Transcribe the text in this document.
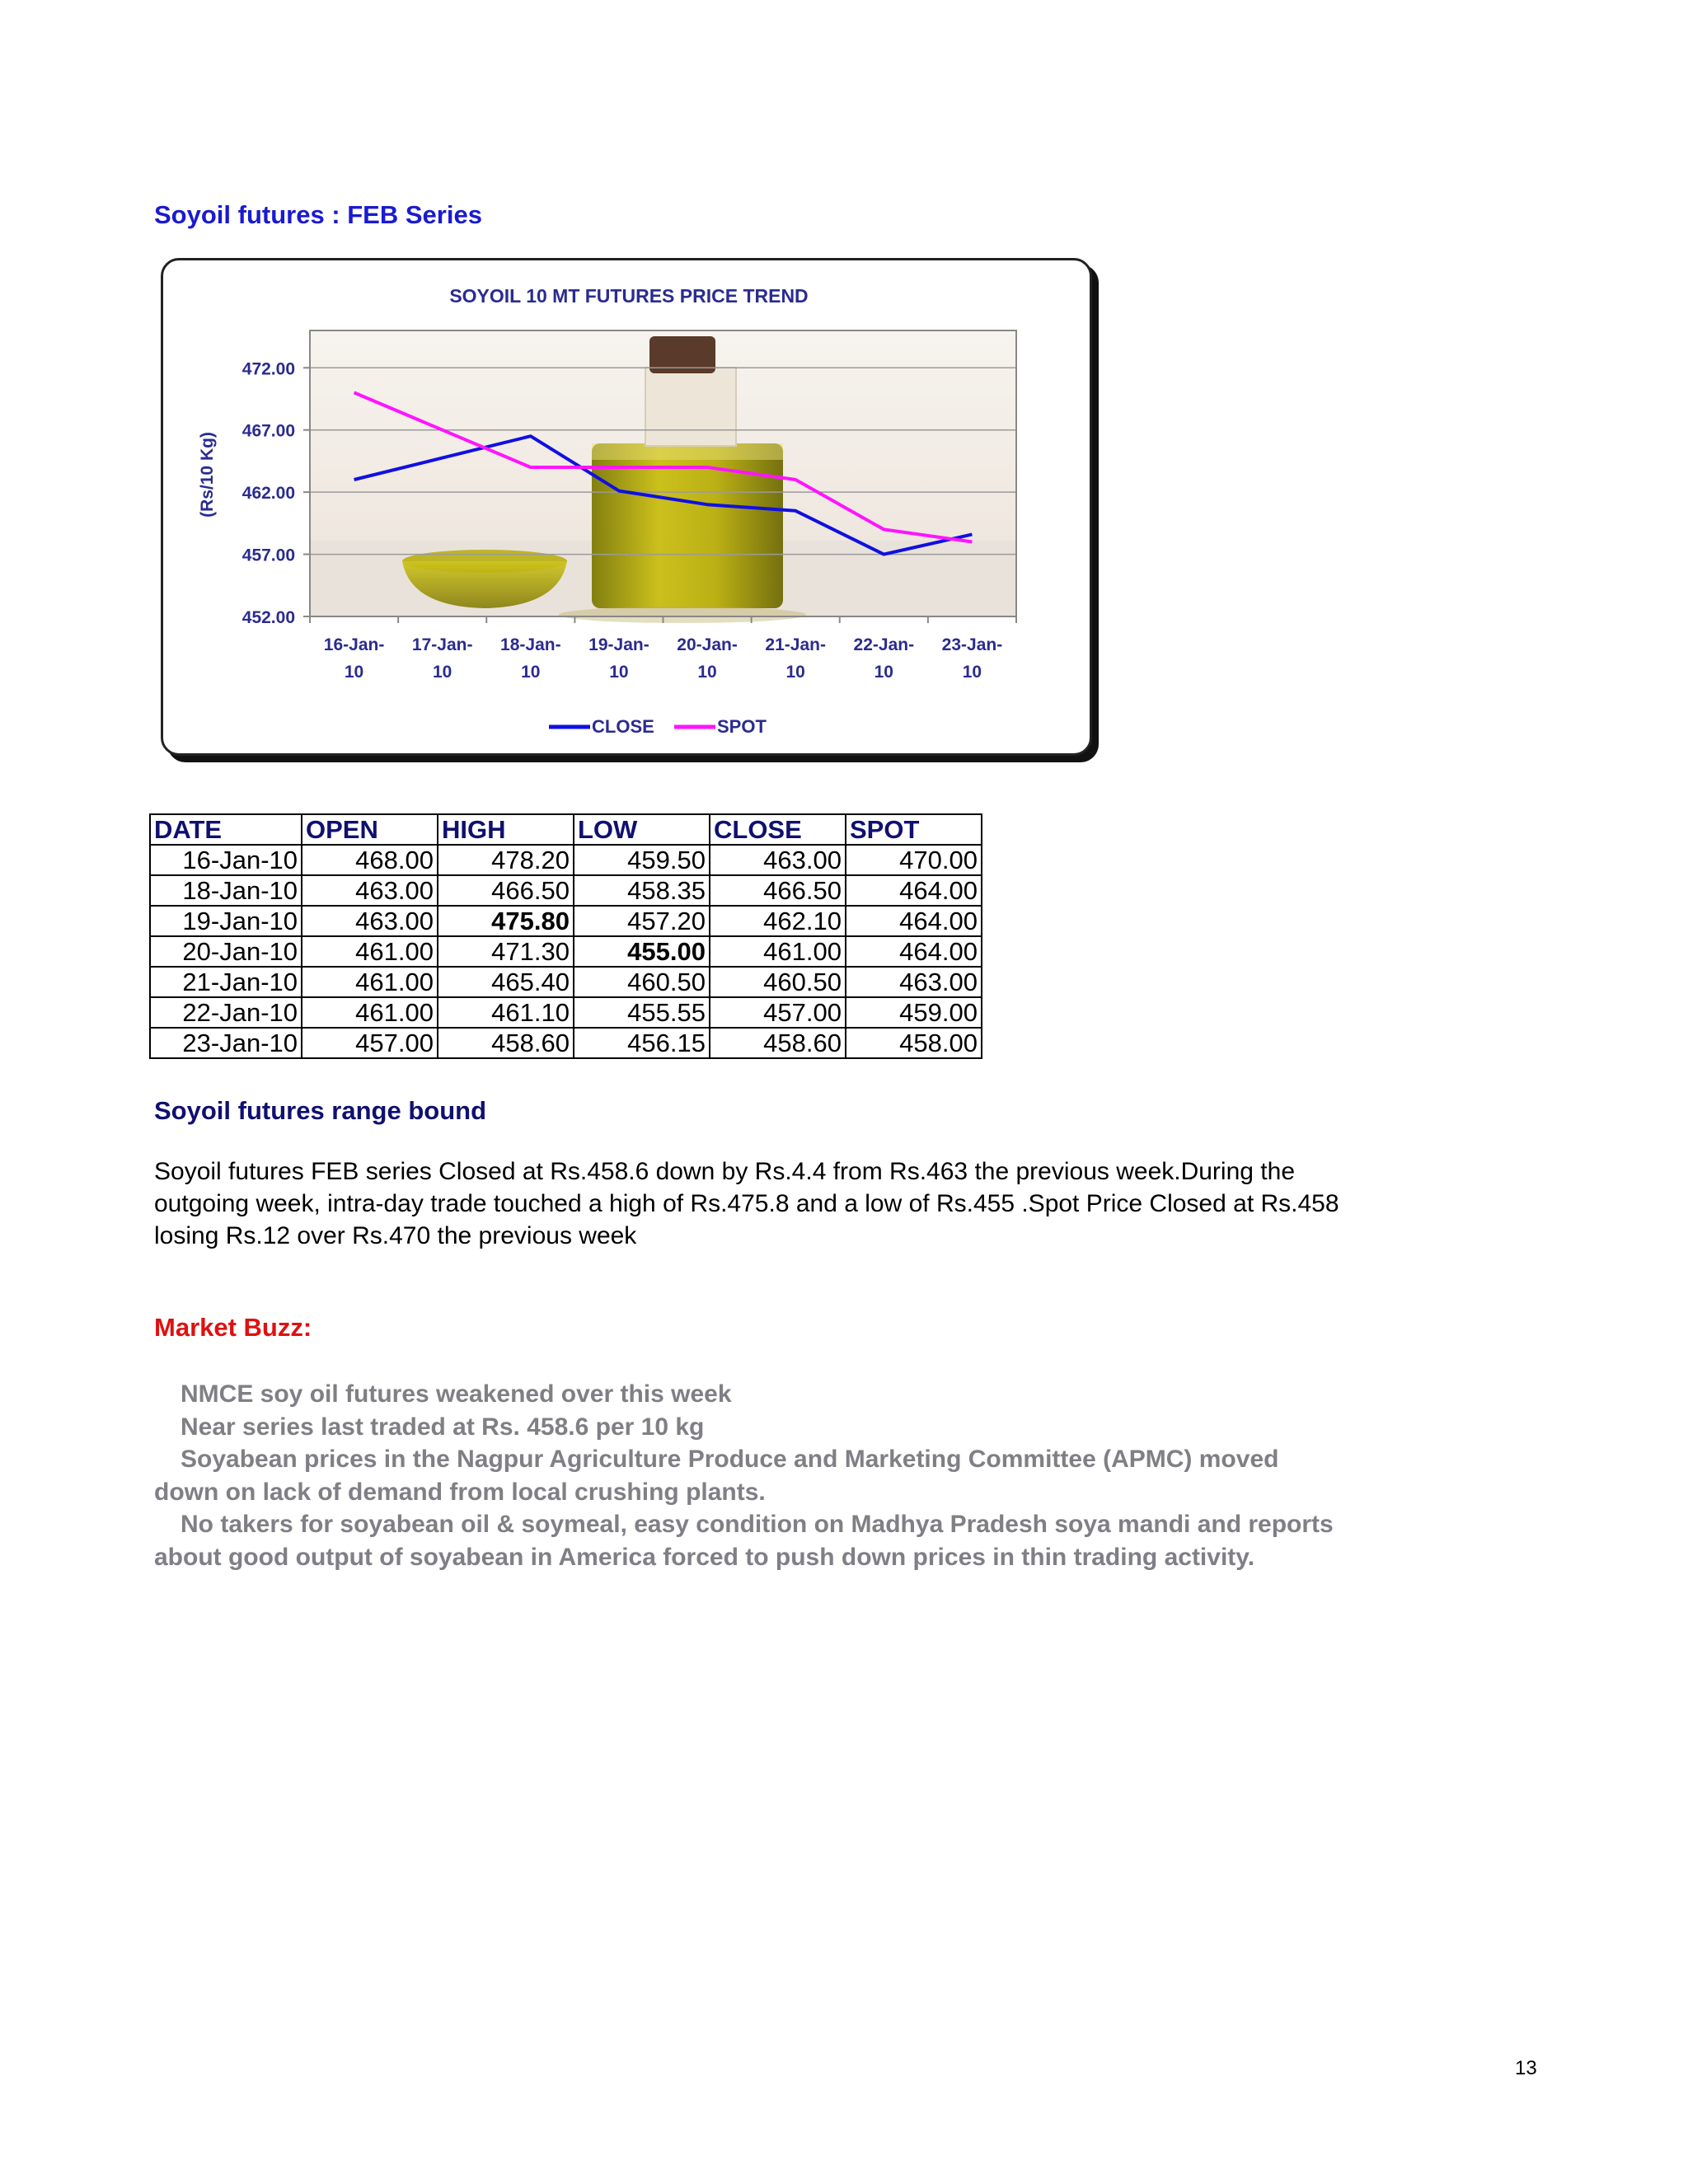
Soyoil futures : FEB Series
SOYOIL 10 MT FUTURES PRICE TREND
472.00
467.00
462.00
457.00
452.00
16-Jan-
10
17-Jan-
10
18-Jan-
10
19-Jan-
10
20-Jan-
10
21-Jan-
10
22-Jan-
10
23-Jan-
10
(Rs/10 Kg)
CLOSE	SPOT
DATE	OPEN	HIGH	LOW	CLOSE	SPOT
16-Jan-10	468.00	478.20	459.50	463.00	470.00
18-Jan-10	463.00	466.50	458.35	466.50	464.00
19-Jan-10	463.00	475.80	457.20	462.10	464.00
20-Jan-10	461.00	471.30	455.00	461.00	464.00
21-Jan-10	461.00	465.40	460.50	460.50	463.00
22-Jan-10	461.00	461.10	455.55	457.00	459.00
23-Jan-10	457.00	458.60	456.15	458.60	458.00
Soyoil futures range bound
Soyoil futures FEB series Closed at Rs.458.6 down by Rs.4.4 from Rs.463 the previous week.During the outgoing week, intra-day trade touched a high of Rs.475.8 and a low of Rs.455 .Spot Price Closed at Rs.458 losing Rs.12 over Rs.470 the previous week
Market Buzz:

NMCE soy oil futures weakened over this week

Near series last traded at Rs. 458.6 per 10 kg

Soyabean prices in the Nagpur Agriculture Produce and Marketing Committee (APMC) moved down on lack of demand from local crushing plants.

No takers for soyabean oil & soymeal, easy condition on Madhya Pradesh soya mandi and reports about good output of soyabean in America forced to push down prices in thin trading activity.

13
